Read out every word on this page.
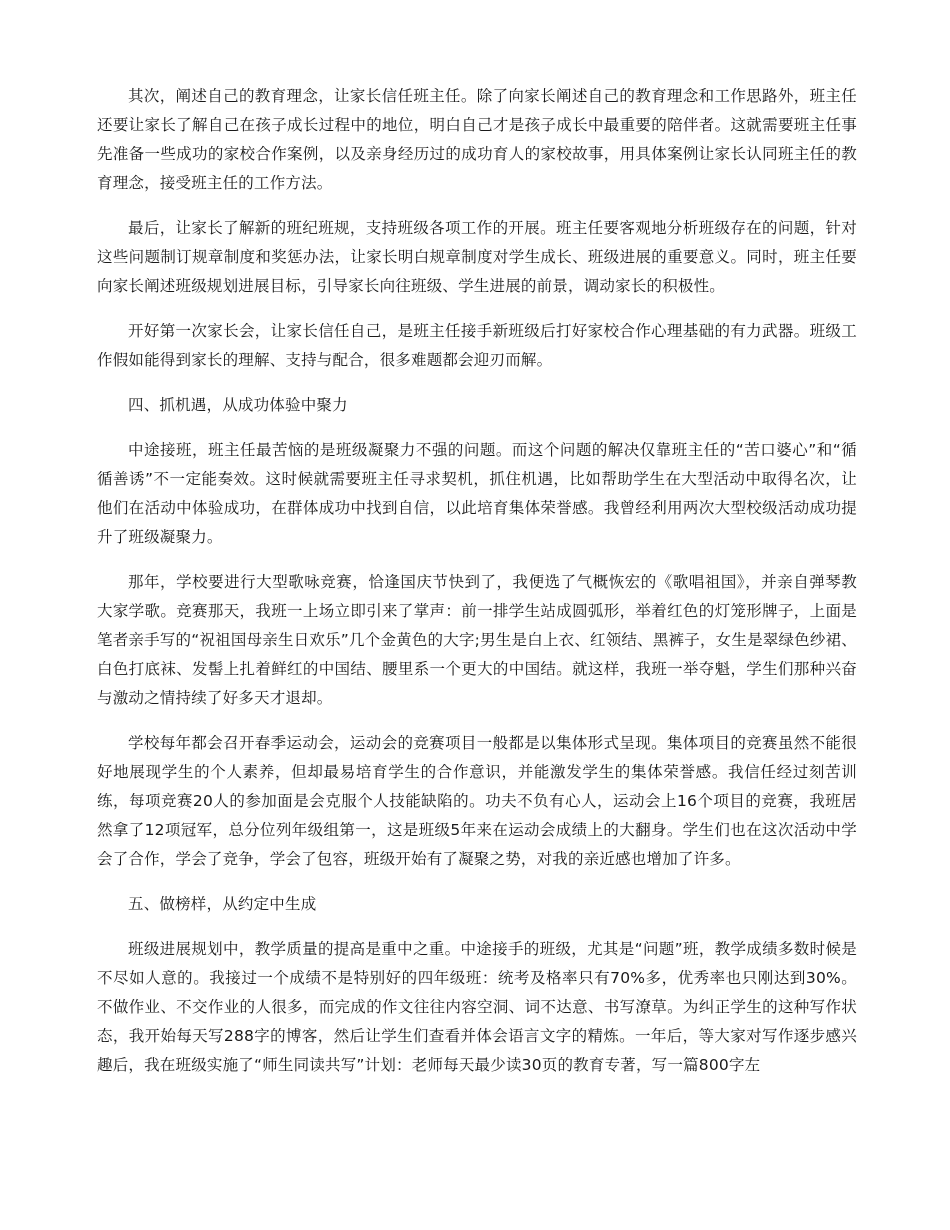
其次，阐述自己的教育理念，让家长信任班主任。除了向家长阐述自己的教育理念和工作思路外，班主任还要让家长了解自己在孩子成长过程中的地位，明白自己才是孩子成长中最重要的陪伴者。这就需要班主任事先准备一些成功的家校合作案例，以及亲身经历过的成功育人的家校故事，用具体案例让家长认同班主任的教育理念，接受班主任的工作方法。

最后，让家长了解新的班纪班规，支持班级各项工作的开展。班主任要客观地分析班级存在的问题，针对这些问题制订规章制度和奖惩办法，让家长明白规章制度对学生成长、班级进展的重要意义。同时，班主任要向家长阐述班级规划进展目标，引导家长向往班级、学生进展的前景，调动家长的积极性。

开好第一次家长会，让家长信任自己，是班主任接手新班级后打好家校合作心理基础的有力武器。班级工作假如能得到家长的理解、支持与配合，很多难题都会迎刃而解。

四、抓机遇，从成功体验中聚力

中途接班，班主任最苦恼的是班级凝聚力不强的问题。而这个问题的解决仅靠班主任的“苦口婆心”和“循循善诱”不一定能奏效。这时候就需要班主任寻求契机，抓住机遇，比如帮助学生在大型活动中取得名次，让他们在活动中体验成功，在群体成功中找到自信，以此培育集体荣誉感。我曾经利用两次大型校级活动成功提升了班级凝聚力。

那年，学校要进行大型歌咏竞赛，恰逢国庆节快到了，我便选了气概恢宏的《歌唱祖国》，并亲自弹琴教大家学歌。竞赛那天，我班一上场立即引来了掌声：前一排学生站成圆弧形，举着红色的灯笼形牌子，上面是笔者亲手写的“祝祖国母亲生日欢乐”几个金黄色的大字;男生是白上衣、红领结、黑裤子，女生是翠绿色纱裙、白色打底袜、发髻上扎着鲜红的中国结、腰里系一个更大的中国结。就这样，我班一举夺魁，学生们那种兴奋与激动之情持续了好多天才退却。

学校每年都会召开春季运动会，运动会的竞赛项目一般都是以集体形式呈现。集体项目的竞赛虽然不能很好地展现学生的个人素养，但却最易培育学生的合作意识，并能激发学生的集体荣誉感。我信任经过刻苦训练，每项竞赛20人的参加面是会克服个人技能缺陷的。功夫不负有心人，运动会上16个项目的竞赛，我班居然拿了12项冠军，总分位列年级组第一，这是班级5年来在运动会成绩上的大翻身。学生们也在这次活动中学会了合作，学会了竞争，学会了包容，班级开始有了凝聚之势，对我的亲近感也增加了许多。

五、做榜样，从约定中生成

班级进展规划中，教学质量的提高是重中之重。中途接手的班级，尤其是“问题”班，教学成绩多数时候是不尽如人意的。我接过一个成绩不是特别好的四年级班：统考及格率只有70%多，优秀率也只刚达到30%。不做作业、不交作业的人很多，而完成的作文往往内容空洞、词不达意、书写潦草。为纠正学生的这种写作状态，我开始每天写288字的博客，然后让学生们查看并体会语言文字的精炼。一年后，等大家对写作逐步感兴趣后，我在班级实施了“师生同读共写”计划：老师每天最少读30页的教育专著，写一篇800字左
